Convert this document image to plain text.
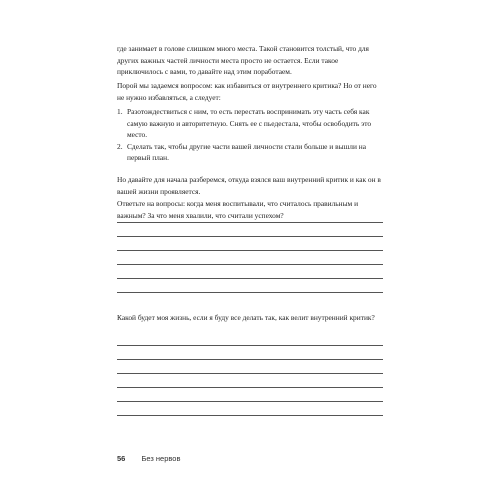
где занимает в голове слишком много места. Такой становится толстый, что для других важных частей личности места просто не остается. Если такое приключилось с вами, то давайте над этим поработаем.

Порой мы задаемся вопросом: как избавиться от внутреннего критика? Но от него не нужно избавляться, а следует:

1. Разотождествиться с ним, то есть перестать воспринимать эту часть себя как самую важную и авторитетную. Снять ее с пьедестала, чтобы освободить это место.
2. Сделать так, чтобы другие части вашей личности стали больше и вышли на первый план.

Но давайте для начала разберемся, откуда взялся ваш внутренний критик и как он в вашей жизни проявляется.

Ответьте на вопросы: когда меня воспитывали, что считалось правильным и важным? За что меня хвалили, что считали успехом?

Какой будет моя жизнь, если я буду все делать так, как велит внутренний критик?

56 Без нервов
